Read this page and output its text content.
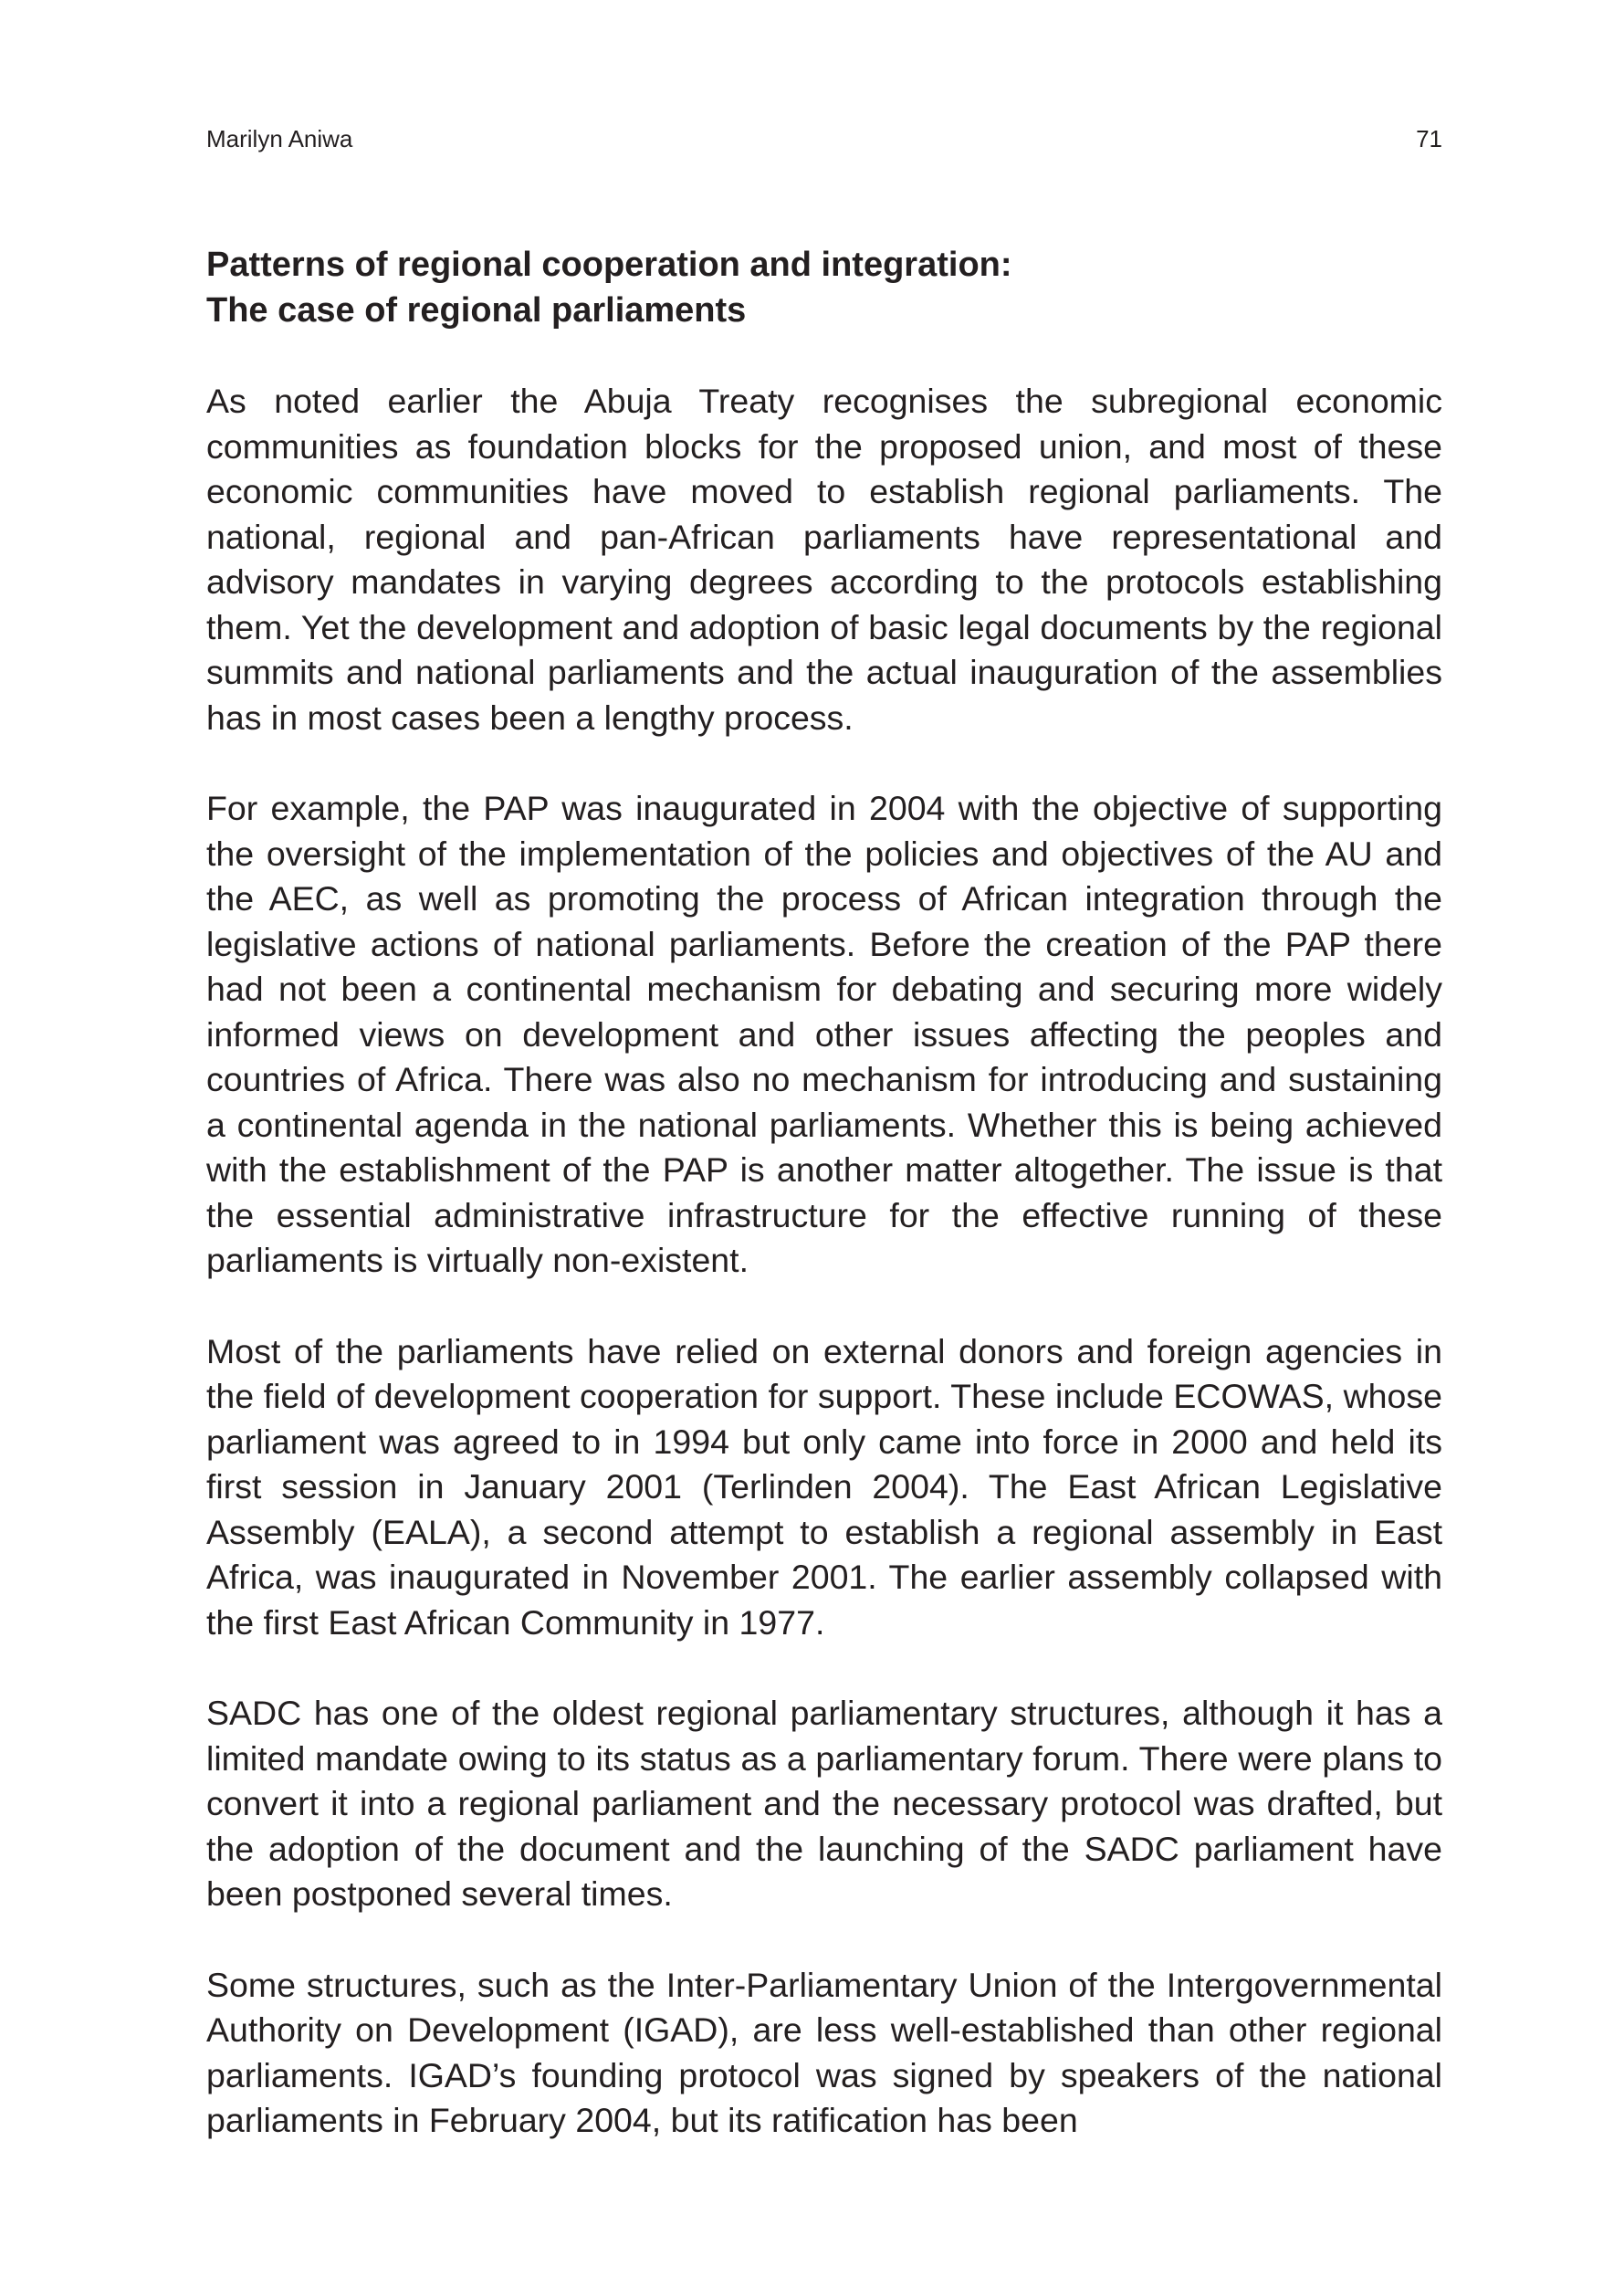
Marilyn Aniwa	71
Patterns of regional cooperation and integration:
The case of regional parliaments

As noted earlier the Abuja Treaty recognises the subregional economic communities as foundation blocks for the proposed union, and most of these economic communities have moved to establish regional parliaments. The national, regional and pan-African parliaments have representational and advisory mandates in varying degrees according to the protocols establishing them. Yet the development and adoption of basic legal documents by the regional summits and national parliaments and the actual inauguration of the assemblies has in most cases been a lengthy process.

For example, the PAP was inaugurated in 2004 with the objective of supporting the oversight of the implementation of the policies and objectives of the AU and the AEC, as well as promoting the process of African integration through the legislative actions of national parliaments. Before the creation of the PAP there had not been a continental mechanism for debating and securing more widely informed views on development and other issues affecting the peoples and countries of Africa. There was also no mechanism for introducing and sustaining a continental agenda in the national parliaments. Whether this is being achieved with the establishment of the PAP is another matter altogether. The issue is that the essential administrative infrastructure for the effective running of these parliaments is virtually non-existent.

Most of the parliaments have relied on external donors and foreign agencies in the field of development cooperation for support. These include ECOWAS, whose parliament was agreed to in 1994 but only came into force in 2000 and held its first session in January 2001 (Terlinden 2004). The East African Legislative Assembly (EALA), a second attempt to establish a regional assembly in East Africa, was inaugurated in November 2001. The earlier assembly collapsed with the first East African Community in 1977.

SADC has one of the oldest regional parliamentary structures, although it has a limited mandate owing to its status as a parliamentary forum. There were plans to convert it into a regional parliament and the necessary protocol was drafted, but the adoption of the document and the launching of the SADC parliament have been postponed several times.

Some structures, such as the Inter-Parliamentary Union of the Intergovernmental Authority on Development (IGAD), are less well-established than other regional parliaments. IGAD’s founding protocol was signed by speakers of the national parliaments in February 2004, but its ratification has been
